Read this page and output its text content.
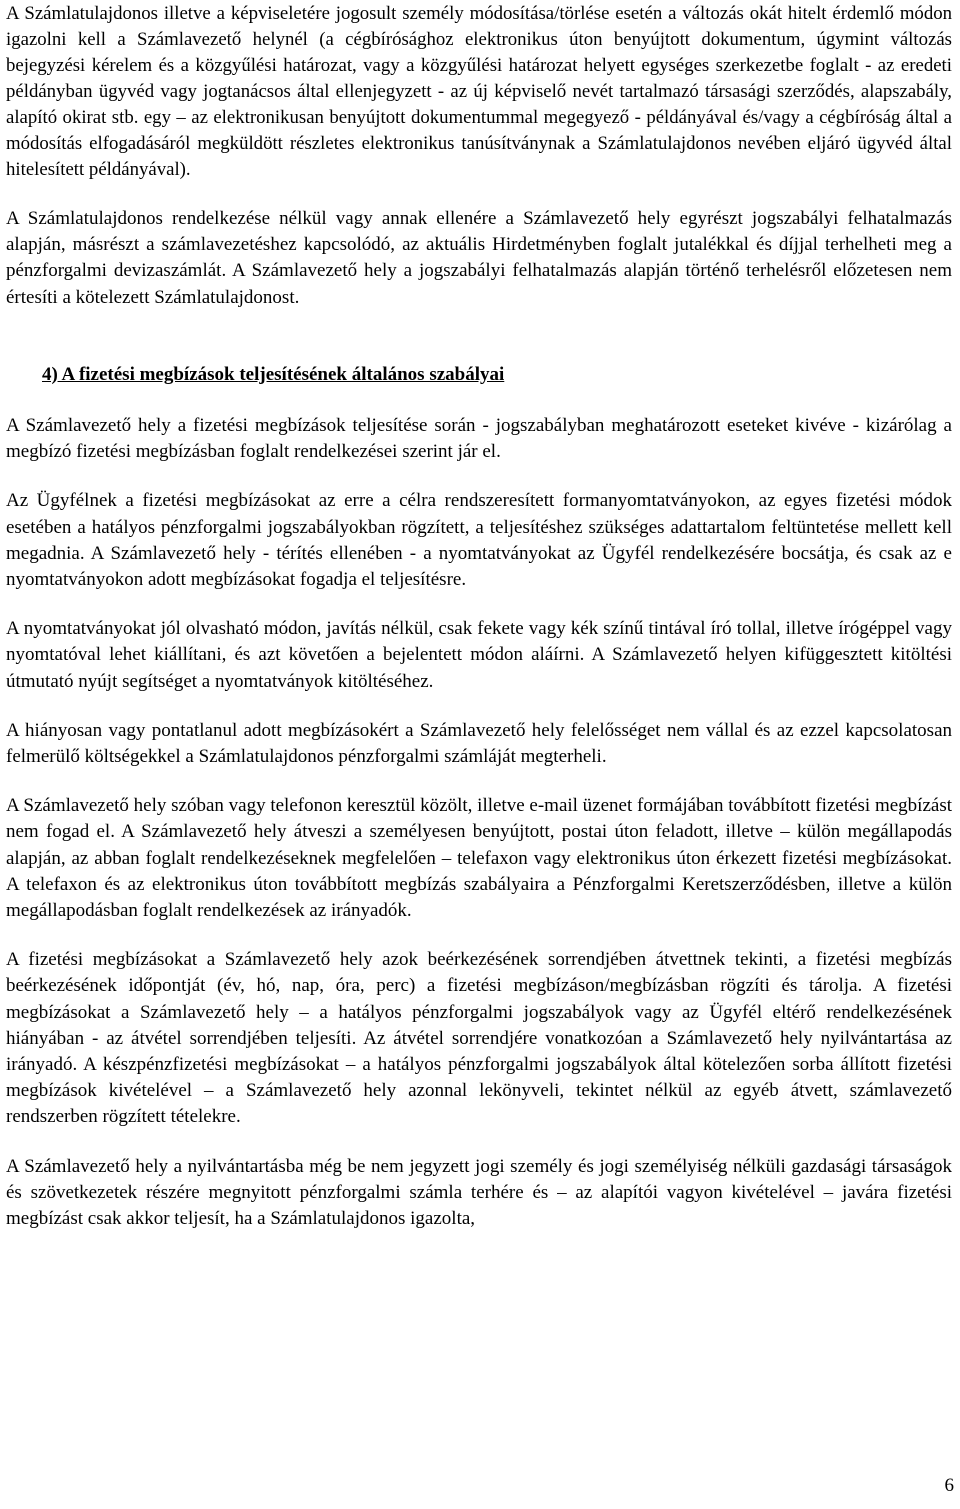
A Számlatulajdonos illetve a képviseletére jogosult személy módosítása/törlése esetén a változás okát hitelt érdemlő módon igazolni kell a Számlavezető helynél (a cégbírósághoz elektronikus úton benyújtott dokumentum, úgymint változás bejegyzési kérelem és a közgyűlési határozat, vagy a közgyűlési határozat helyett egységes szerkezetbe foglalt - az eredeti példányban ügyvéd vagy jogtanácsos által ellenjegyzett - az új képviselő nevét tartalmazó társasági szerződés, alapszabály, alapító okirat stb. egy – az elektronikusan benyújtott dokumentummal megegyező - példányával és/vagy a cégbíróság által a módosítás elfogadásáról megküldött részletes elektronikus tanúsítványnak a Számlatulajdonos nevében eljáró ügyvéd által hitelesített példányával).

A Számlatulajdonos rendelkezése nélkül vagy annak ellenére a Számlavezető hely egyrészt jogszabályi felhatalmazás alapján, másrészt a számlavezetéshez kapcsolódó, az aktuális Hirdetményben foglalt jutalékkal és díjjal terhelheti meg a pénzforgalmi devizaszámlát. A Számlavezető hely a jogszabályi felhatalmazás alapján történő terhelésről előzetesen nem értesíti a kötelezett Számlatulajdonost.

4) A fizetési megbízások teljesítésének általános szabályai

A Számlavezető hely a fizetési megbízások teljesítése során - jogszabályban meghatározott eseteket kivéve - kizárólag a megbízó fizetési megbízásban foglalt rendelkezései szerint jár el.

Az Ügyfélnek a fizetési megbízásokat az erre a célra rendszeresített formanyomtatványokon, az egyes fizetési módok esetében a hatályos pénzforgalmi jogszabályokban rögzített, a teljesítéshez szükséges adattartalom feltüntetése mellett kell megadnia. A Számlavezető hely - térítés ellenében - a nyomtatványokat az Ügyfél rendelkezésére bocsátja, és csak az e nyomtatványokon adott megbízásokat fogadja el teljesítésre.

A nyomtatványokat jól olvasható módon, javítás nélkül, csak fekete vagy kék színű tintával író tollal, illetve írógéppel vagy nyomtatóval lehet kiállítani, és azt követően a bejelentett módon aláírni. A Számlavezető helyen kifüggesztett kitöltési útmutató nyújt segítséget a nyomtatványok kitöltéséhez.

A hiányosan vagy pontatlanul adott megbízásokért a Számlavezető hely felelősséget nem vállal és az ezzel kapcsolatosan felmerülő költségekkel a Számlatulajdonos pénzforgalmi számláját megterheli.

A Számlavezető hely szóban vagy telefonon keresztül közölt, illetve e-mail üzenet formájában továbbított fizetési megbízást nem fogad el. A Számlavezető hely átveszi a személyesen benyújtott, postai úton feladott, illetve – külön megállapodás alapján, az abban foglalt rendelkezéseknek megfelelően – telefaxon vagy elektronikus úton érkezett fizetési megbízásokat. A telefaxon és az elektronikus úton továbbított megbízás szabályaira a Pénzforgalmi Keretszerződésben, illetve a külön megállapodásban foglalt rendelkezések az irányadók.

A fizetési megbízásokat a Számlavezető hely azok beérkezésének sorrendjében átvettnek tekinti, a fizetési megbízás beérkezésének időpontját (év, hó, nap, óra, perc) a fizetési megbízáson/megbízásban rögzíti és tárolja. A fizetési megbízásokat a Számlavezető hely – a hatályos pénzforgalmi jogszabályok vagy az Ügyfél eltérő rendelkezésének hiányában - az átvétel sorrendjében teljesíti. Az átvétel sorrendjére vonatkozóan a Számlavezető hely nyilvántartása az irányadó. A készpénzfizetési megbízásokat – a hatályos pénzforgalmi jogszabályok által kötelezően sorba állított fizetési megbízások kivételével – a Számlavezető hely azonnal lekönyveli, tekintet nélkül az egyéb átvett, számlavezető rendszerben rögzített tételekre.

A Számlavezető hely a nyilvántartásba még be nem jegyzett jogi személy és jogi személyiség nélküli gazdasági társaságok és szövetkezetek részére megnyitott pénzforgalmi számla terhére és – az alapítói vagyon kivételével – javára fizetési megbízást csak akkor teljesít, ha a Számlatulajdonos igazolta,

6
